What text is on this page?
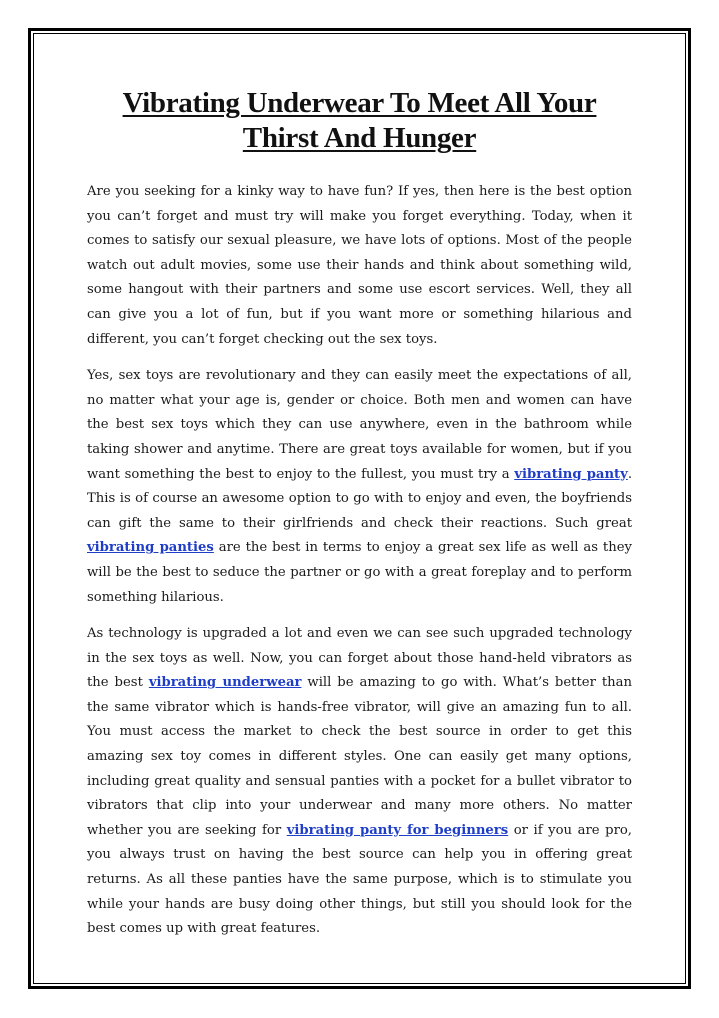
Vibrating Underwear To Meet All Your
Thirst And Hunger

Are you seeking for a kinky way to have fun? If yes, then here is the best option you can’t forget and must try will make you forget everything. Today, when it comes to satisfy our sexual pleasure, we have lots of options. Most of the people watch out adult movies, some use their hands and think about something wild, some hangout with their partners and some use escort services. Well, they all can give you a lot of fun, but if you want more or something hilarious and different, you can’t forget checking out the sex toys.

Yes, sex toys are revolutionary and they can easily meet the expectations of all, no matter what your age is, gender or choice. Both men and women can have the best sex toys which they can use anywhere, even in the bathroom while taking shower and anytime. There are great toys available for women, but if you want something the best to enjoy to the fullest, you must try a vibrating panty. This is of course an awesome option to go with to enjoy and even, the boyfriends can gift the same to their girlfriends and check their reactions. Such great vibrating panties are the best in terms to enjoy a great sex life as well as they will be the best to seduce the partner or go with a great foreplay and to perform something hilarious.

As technology is upgraded a lot and even we can see such upgraded technology in the sex toys as well. Now, you can forget about those hand-held vibrators as the best vibrating underwear will be amazing to go with. What’s better than the same vibrator which is hands-free vibrator, will give an amazing fun to all. You must access the market to check the best source in order to get this amazing sex toy comes in different styles. One can easily get many options, including great quality and sensual panties with a pocket for a bullet vibrator to vibrators that clip into your underwear and many more others. No matter whether you are seeking for vibrating panty for beginners or if you are pro, you always trust on having the best source can help you in offering great returns. As all these panties have the same purpose, which is to stimulate you while your hands are busy doing other things, but still you should look for the best comes up with great features.
